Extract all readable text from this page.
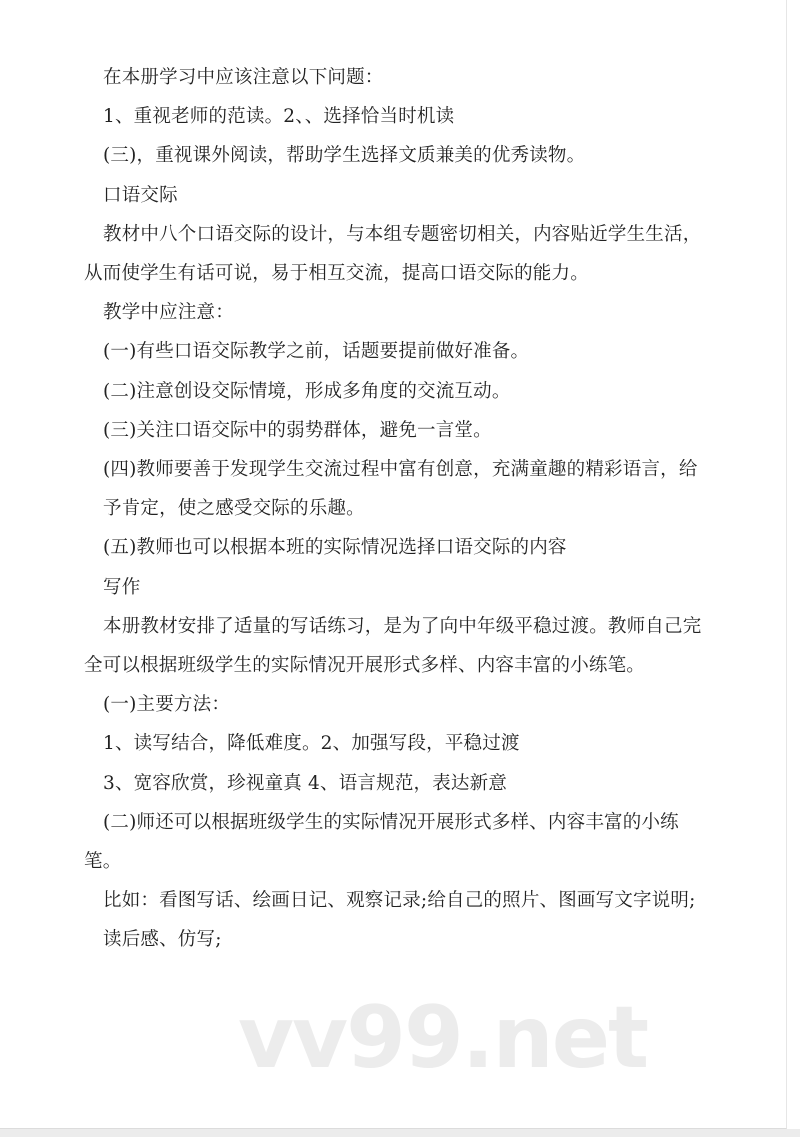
在本册学习中应该注意以下问题：
1、重视老师的范读。2、、选择恰当时机读
(三)，重视课外阅读，帮助学生选择文质兼美的优秀读物。
口语交际
教材中八个口语交际的设计，与本组专题密切相关，内容贴近学生生活，
从而使学生有话可说，易于相互交流，提高口语交际的能力。
教学中应注意：
(一)有些口语交际教学之前，话题要提前做好准备。
(二)注意创设交际情境，形成多角度的交流互动。
(三)关注口语交际中的弱势群体，避免一言堂。
(四)教师要善于发现学生交流过程中富有创意，充满童趣的精彩语言，给
予肯定，使之感受交际的乐趣。
(五)教师也可以根据本班的实际情况选择口语交际的内容
写作
本册教材安排了适量的写话练习，是为了向中年级平稳过渡。教师自己完
全可以根据班级学生的实际情况开展形式多样、内容丰富的小练笔。
(一)主要方法：
1、读写结合，降低难度。2、加强写段，平稳过渡
3、宽容欣赏，珍视童真 4、语言规范，表达新意
(二)师还可以根据班级学生的实际情况开展形式多样、内容丰富的小练
笔。
比如：看图写话、绘画日记、观察记录;给自己的照片、图画写文字说明;
读后感、仿写;
vv99.net
